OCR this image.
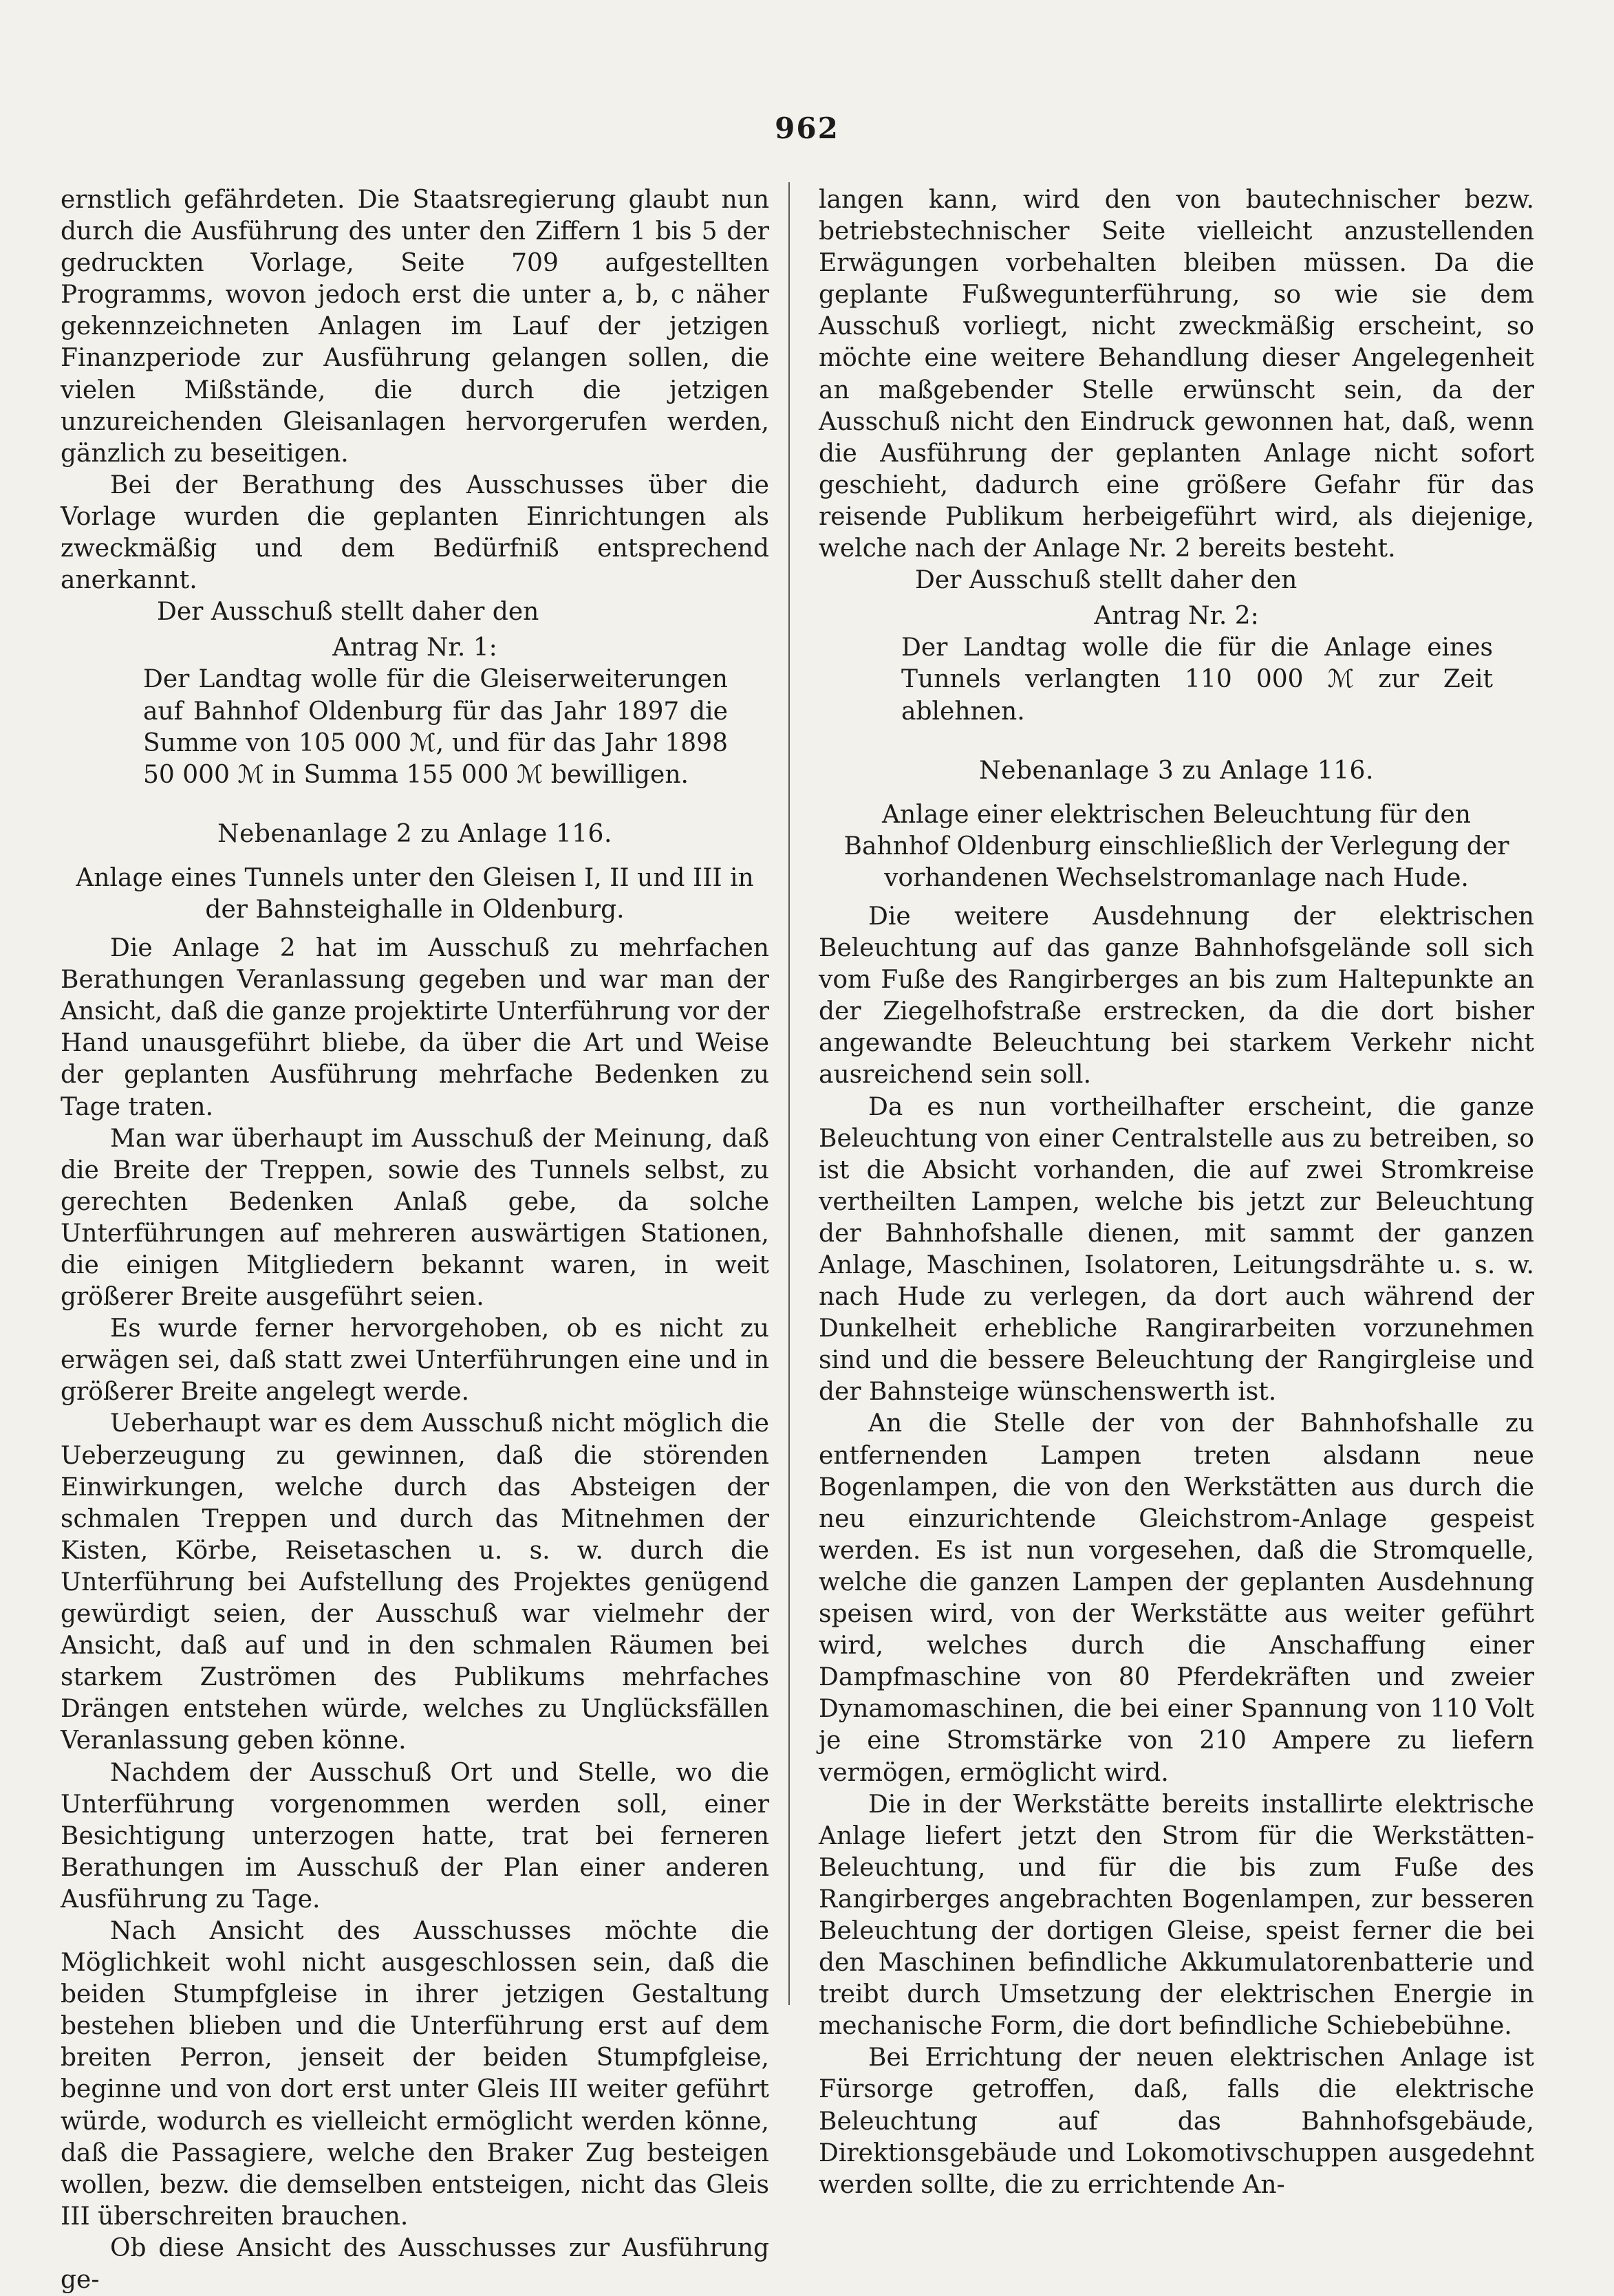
962

ernstlich gefährdeten. Die Staatsregierung glaubt nun durch die Ausführung des unter den Ziffern 1 bis 5 der gedruckten Vorlage, Seite 709 aufgestellten Programms, wovon jedoch erst die unter a, b, c näher gekennzeichneten Anlagen im Lauf der jetzigen Finanzperiode zur Ausführung gelangen sollen, die vielen Mißstände, die durch die jetzigen unzureichenden Gleisanlagen hervorgerufen werden, gänzlich zu beseitigen.

Bei der Berathung des Ausschusses über die Vorlage wurden die geplanten Einrichtungen als zweckmäßig und dem Bedürfniß entsprechend anerkannt.

Der Ausschuß stellt daher den

Antrag Nr. 1:

Der Landtag wolle für die Gleiserweiterungen auf Bahnhof Oldenburg für das Jahr 1897 die Summe von 105 000 ℳ, und für das Jahr 1898 50 000 ℳ in Summa 155 000 ℳ bewilligen.

Nebenanlage 2 zu Anlage 116.

Anlage eines Tunnels unter den Gleisen I, II und III in der Bahnsteighalle in Oldenburg.

Die Anlage 2 hat im Ausschuß zu mehrfachen Berathungen Veranlassung gegeben und war man der Ansicht, daß die ganze projektirte Unterführung vor der Hand unausgeführt bliebe, da über die Art und Weise der geplanten Ausführung mehrfache Bedenken zu Tage traten.

Man war überhaupt im Ausschuß der Meinung, daß die Breite der Treppen, sowie des Tunnels selbst, zu gerechten Bedenken Anlaß gebe, da solche Unterführungen auf mehreren auswärtigen Stationen, die einigen Mitgliedern bekannt waren, in weit größerer Breite ausgeführt seien.

Es wurde ferner hervorgehoben, ob es nicht zu erwägen sei, daß statt zwei Unterführungen eine und in größerer Breite angelegt werde.

Ueberhaupt war es dem Ausschuß nicht möglich die Ueberzeugung zu gewinnen, daß die störenden Einwirkungen, welche durch das Absteigen der schmalen Treppen und durch das Mitnehmen der Kisten, Körbe, Reisetaschen u. s. w. durch die Unterführung bei Aufstellung des Projektes genügend gewürdigt seien, der Ausschuß war vielmehr der Ansicht, daß auf und in den schmalen Räumen bei starkem Zuströmen des Publikums mehrfaches Drängen entstehen würde, welches zu Unglücksfällen Veranlassung geben könne.

Nachdem der Ausschuß Ort und Stelle, wo die Unterführung vorgenommen werden soll, einer Besichtigung unterzogen hatte, trat bei ferneren Berathungen im Ausschuß der Plan einer anderen Ausführung zu Tage.

Nach Ansicht des Ausschusses möchte die Möglichkeit wohl nicht ausgeschlossen sein, daß die beiden Stumpfgleise in ihrer jetzigen Gestaltung bestehen blieben und die Unterführung erst auf dem breiten Perron, jenseit der beiden Stumpfgleise, beginne und von dort erst unter Gleis III weiter geführt würde, wodurch es vielleicht ermöglicht werden könne, daß die Passagiere, welche den Braker Zug besteigen wollen, bezw. die demselben entsteigen, nicht das Gleis III überschreiten brauchen.

Ob diese Ansicht des Ausschusses zur Ausführung ge-

langen kann, wird den von bautechnischer bezw. betriebstechnischer Seite vielleicht anzustellenden Erwägungen vorbehalten bleiben müssen. Da die geplante Fußwegunterführung, so wie sie dem Ausschuß vorliegt, nicht zweckmäßig erscheint, so möchte eine weitere Behandlung dieser Angelegenheit an maßgebender Stelle erwünscht sein, da der Ausschuß nicht den Eindruck gewonnen hat, daß, wenn die Ausführung der geplanten Anlage nicht sofort geschieht, dadurch eine größere Gefahr für das reisende Publikum herbeigeführt wird, als diejenige, welche nach der Anlage Nr. 2 bereits besteht.

Der Ausschuß stellt daher den

Antrag Nr. 2:

Der Landtag wolle die für die Anlage eines Tunnels verlangten 110 000 ℳ zur Zeit ablehnen.

Nebenanlage 3 zu Anlage 116.

Anlage einer elektrischen Beleuchtung für den Bahnhof Oldenburg einschließlich der Verlegung der vorhandenen Wechselstromanlage nach Hude.

Die weitere Ausdehnung der elektrischen Beleuchtung auf das ganze Bahnhofsgelände soll sich vom Fuße des Rangirberges an bis zum Haltepunkte an der Ziegelhofstraße erstrecken, da die dort bisher angewandte Beleuchtung bei starkem Verkehr nicht ausreichend sein soll.

Da es nun vortheilhafter erscheint, die ganze Beleuchtung von einer Centralstelle aus zu betreiben, so ist die Absicht vorhanden, die auf zwei Stromkreise vertheilten Lampen, welche bis jetzt zur Beleuchtung der Bahnhofshalle dienen, mit sammt der ganzen Anlage, Maschinen, Isolatoren, Leitungsdrähte u. s. w. nach Hude zu verlegen, da dort auch während der Dunkelheit erhebliche Rangirarbeiten vorzunehmen sind und die bessere Beleuchtung der Rangirgleise und der Bahnsteige wünschenswerth ist.

An die Stelle der von der Bahnhofshalle zu entfernenden Lampen treten alsdann neue Bogenlampen, die von den Werkstätten aus durch die neu einzurichtende Gleichstrom-Anlage gespeist werden. Es ist nun vorgesehen, daß die Stromquelle, welche die ganzen Lampen der geplanten Ausdehnung speisen wird, von der Werkstätte aus weiter geführt wird, welches durch die Anschaffung einer Dampfmaschine von 80 Pferdekräften und zweier Dynamomaschinen, die bei einer Spannung von 110 Volt je eine Stromstärke von 210 Ampere zu liefern vermögen, ermöglicht wird.

Die in der Werkstätte bereits installirte elektrische Anlage liefert jetzt den Strom für die Werkstätten-Beleuchtung, und für die bis zum Fuße des Rangirberges angebrachten Bogenlampen, zur besseren Beleuchtung der dortigen Gleise, speist ferner die bei den Maschinen befindliche Akkumulatorenbatterie und treibt durch Umsetzung der elektrischen Energie in mechanische Form, die dort befindliche Schiebebühne.

Bei Errichtung der neuen elektrischen Anlage ist Fürsorge getroffen, daß, falls die elektrische Beleuchtung auf das Bahnhofsgebäude, Direktionsgebäude und Lokomotivschuppen ausgedehnt werden sollte, die zu errichtende An-
